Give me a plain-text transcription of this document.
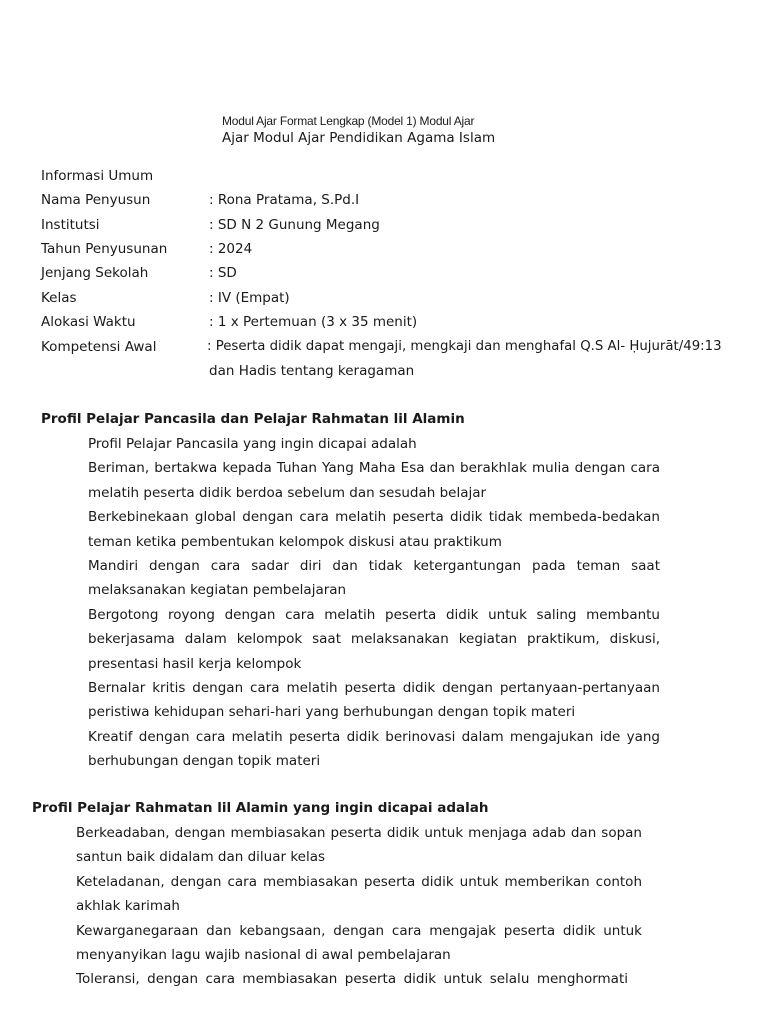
Modul Ajar Format Lengkap (Model 1) Modul Ajar
Ajar Modul Ajar Pendidikan Agama Islam
Informasi Umum
Nama Penyusun	: Rona Pratama, S.Pd.I
Institutsi	: SD N 2 Gunung Megang
Tahun Penyusunan	: 2024
Jenjang Sekolah	: SD
Kelas	: IV (Empat)
Alokasi Waktu	: 1 x Pertemuan (3 x 35 menit)
Kompetensi Awal	: Peserta didik dapat mengaji, mengkaji dan menghafal Q.S Al- Ḥujurāt/49:13
dan Hadis tentang keragaman
Profil Pelajar Pancasila dan Pelajar Rahmatan lil Alamin
Profil Pelajar Pancasila yang ingin dicapai adalah
Beriman, bertakwa kepada Tuhan Yang Maha Esa dan berakhlak mulia dengan cara
melatih peserta didik berdoa sebelum dan sesudah belajar
Berkebinekaan global dengan cara melatih peserta didik tidak membeda-bedakan
teman ketika pembentukan kelompok diskusi atau praktikum
Mandiri dengan cara sadar diri dan tidak ketergantungan pada teman saat
melaksanakan kegiatan pembelajaran
Bergotong royong dengan cara melatih peserta didik untuk saling membantu
bekerjasama dalam kelompok saat melaksanakan kegiatan praktikum, diskusi,
presentasi hasil kerja kelompok
Bernalar kritis dengan cara melatih peserta didik dengan pertanyaan-pertanyaan
peristiwa kehidupan sehari-hari yang berhubungan dengan topik materi
Kreatif dengan cara melatih peserta didik berinovasi dalam mengajukan ide yang
berhubungan dengan topik materi
Profil Pelajar Rahmatan lil Alamin yang ingin dicapai adalah
Berkeadaban, dengan membiasakan peserta didik untuk menjaga adab dan sopan
santun baik didalam dan diluar kelas
Keteladanan, dengan cara membiasakan peserta didik untuk memberikan contoh
akhlak karimah
Kewarganegaraan dan kebangsaan, dengan cara mengajak peserta didik untuk
menyanyikan lagu wajib nasional di awal pembelajaran
Toleransi, dengan cara membiasakan peserta didik untuk selalu menghormati
